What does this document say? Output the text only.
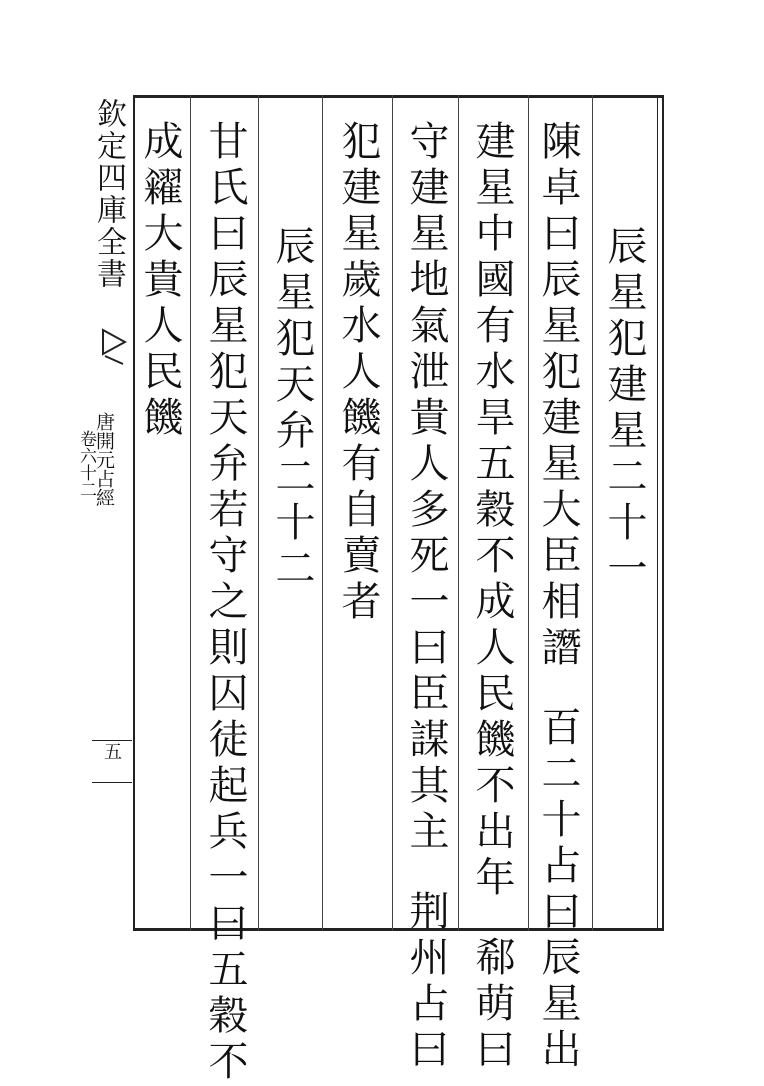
欽定四庫全書
唐開元占經
卷六十二
五
辰星犯建星二十一
陳卓曰辰星犯建星大臣相譖百二十占曰辰星出
建星中國有水旱五穀不成人民饑不出年郗萌曰
守建星地氣泄貴人多死一曰臣謀其主荆州占曰
犯建星歲水人饑有自賣者
辰星犯天弁二十二
甘氏曰辰星犯天弁若守之則囚徒起兵一曰五穀不
成糴大貴人民饑
